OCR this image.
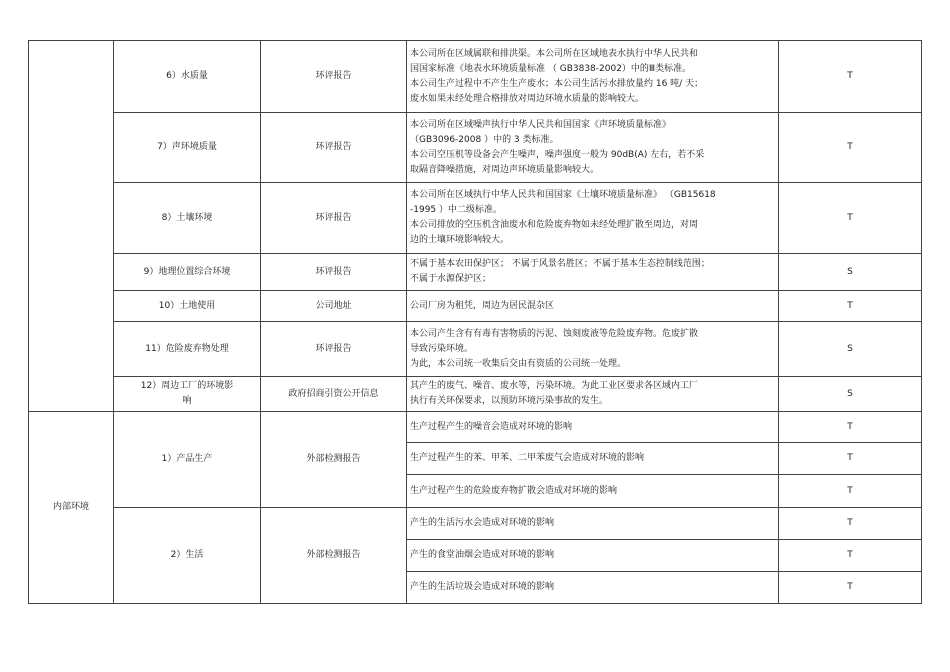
	6）水质量	环评报告	本公司所在区域属联和排洪渠。本公司所在区域地表水执行中华人民共和
国国家标准《地表水环境质量标准 （ GB3838-2002）中的Ⅲ类标准。
本公司生产过程中不产生生产废水；本公司生活污水排放量约 16 吨/ 天；
废水如果未经处理合格排放对周边环境水质量的影响较大。	T
	7）声环境质量	环评报告	本公司所在区域噪声执行中华人民共和国国家《声环境质量标准》
（GB3096-2008 ）中的 3 类标准。
本公司空压机等设备会产生噪声，噪声强度一般为 90dB(A) 左右，若不采
取隔音降噪措施，对周边声环境质量影响较大。	T
	8）土壤环境	环评报告	本公司所在区域执行中华人民共和国国家《土壤环境质量标准》 （GB15618
-1995 ）中二级标准。
本公司排放的空压机含油废水和危险废弃物如未经处理扩散至周边，对周
边的土壤环境影响较大。	T
	9）地理位置综合环境	环评报告	不属于基本农田保护区； 不属于风景名胜区；不属于基本生态控制线范围；
不属于水源保护区；	S
	10）土地使用	公司地址	公司厂房为租凭，周边为居民混杂区	T
	11）危险废弃物处理	环评报告	本公司产生含有有毒有害物质的污泥、蚀刻废液等危险废弃物。危废扩散
导致污染环境。
为此，本公司统一收集后交由有资质的公司统一处理。	S

	12）周边工厂的环境影
响	政府招商引资公开信息	其产生的废气、噪音、废水等，污染环境。为此工业区要求各区域内工厂
执行有关环保要求，以预防环境污染事故的发生。	S
内部环境	1）产品生产	外部检测报告	生产过程产生的噪音会造成对环境的影响	T
			生产过程产生的苯、甲苯、二甲苯废气会造成对环境的影响	T
			生产过程产生的危险废弃物扩散会造成对环境的影响	T
	2）生活	外部检测报告	产生的生活污水会造成对环境的影响	T
			产生的食堂油烟会造成对环境的影响	T
			产生的生活垃圾会造成对环境的影响	T
